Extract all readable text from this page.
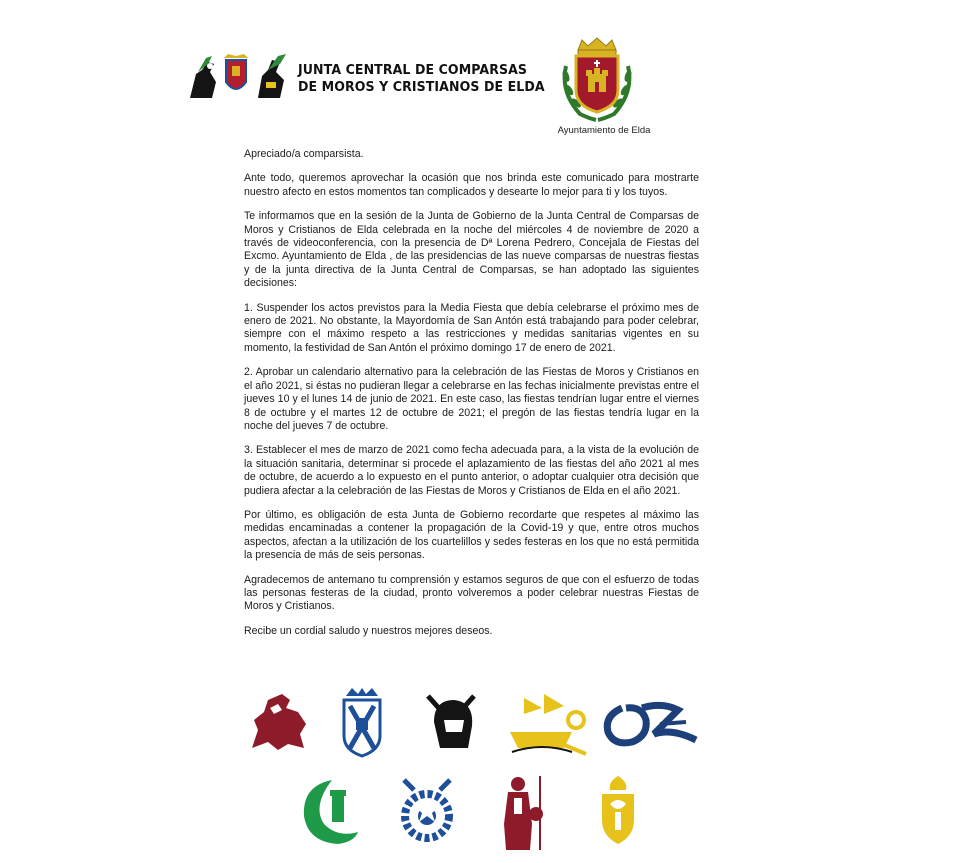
JUNTA CENTRAL DE COMPARSAS
DE MOROS Y CRISTIANOS DE ELDA
Ayuntamiento de Elda

Apreciado/a comparsista.

Ante todo, queremos aprovechar la ocasión que nos brinda este comunicado para mostrarte nuestro afecto en estos momentos tan complicados y desearte lo mejor para ti y los tuyos.

Te informamos que en la sesión de la Junta de Gobierno de la Junta Central de Comparsas de Moros y Cristianos de Elda celebrada en la noche del miércoles 4 de noviembre de 2020 a través de videoconferencia, con la presencia de Dª Lorena Pedrero, Concejala de Fiestas del Excmo. Ayuntamiento de Elda , de las presidencias de las nueve comparsas de nuestras fiestas y de la junta directiva de la Junta Central de Comparsas, se han adoptado las siguientes decisiones:

1. Suspender los actos previstos para la Media Fiesta que debía celebrarse el próximo mes de enero de 2021. No obstante, la Mayordomía de San Antón está trabajando para poder celebrar, siempre con el máximo respeto a las restricciones y medidas sanitarias vigentes en su momento, la festividad de San Antón el próximo domingo 17 de enero de 2021.

2. Aprobar un calendario alternativo para la celebración de las Fiestas de Moros y Cristianos en el año 2021, si éstas no pudieran llegar a celebrarse en las fechas inicialmente previstas entre el jueves 10 y el lunes 14 de junio de 2021. En este caso, las fiestas tendrían lugar entre el viernes 8 de octubre y el martes 12 de octubre de 2021; el pregón de las fiestas tendría lugar en la noche del jueves 7 de octubre.

3. Establecer el mes de marzo de 2021 como fecha adecuada para, a la vista de la evolución de la situación sanitaria, determinar si procede el aplazamiento de las fiestas del año 2021 al mes de octubre, de acuerdo a lo expuesto en el punto anterior, o adoptar cualquier otra decisión que pudiera afectar a la celebración de las Fiestas de Moros y Cristianos de Elda en el año 2021.

Por último, es obligación de esta Junta de Gobierno recordarte que respetes al máximo las medidas encaminadas a contener la propagación de la Covid-19 y que, entre otros muchos aspectos, afectan a la utilización de los cuartelillos y sedes festeras en los que no está permitida la presencia de más de seis personas.

Agradecemos de antemano tu comprensión y estamos seguros de que con el esfuerzo de todas las personas festeras de la ciudad, pronto volveremos a poder celebrar nuestras Fiestas de Moros y Cristianos.

Recibe un cordial saludo y nuestros mejores deseos.
